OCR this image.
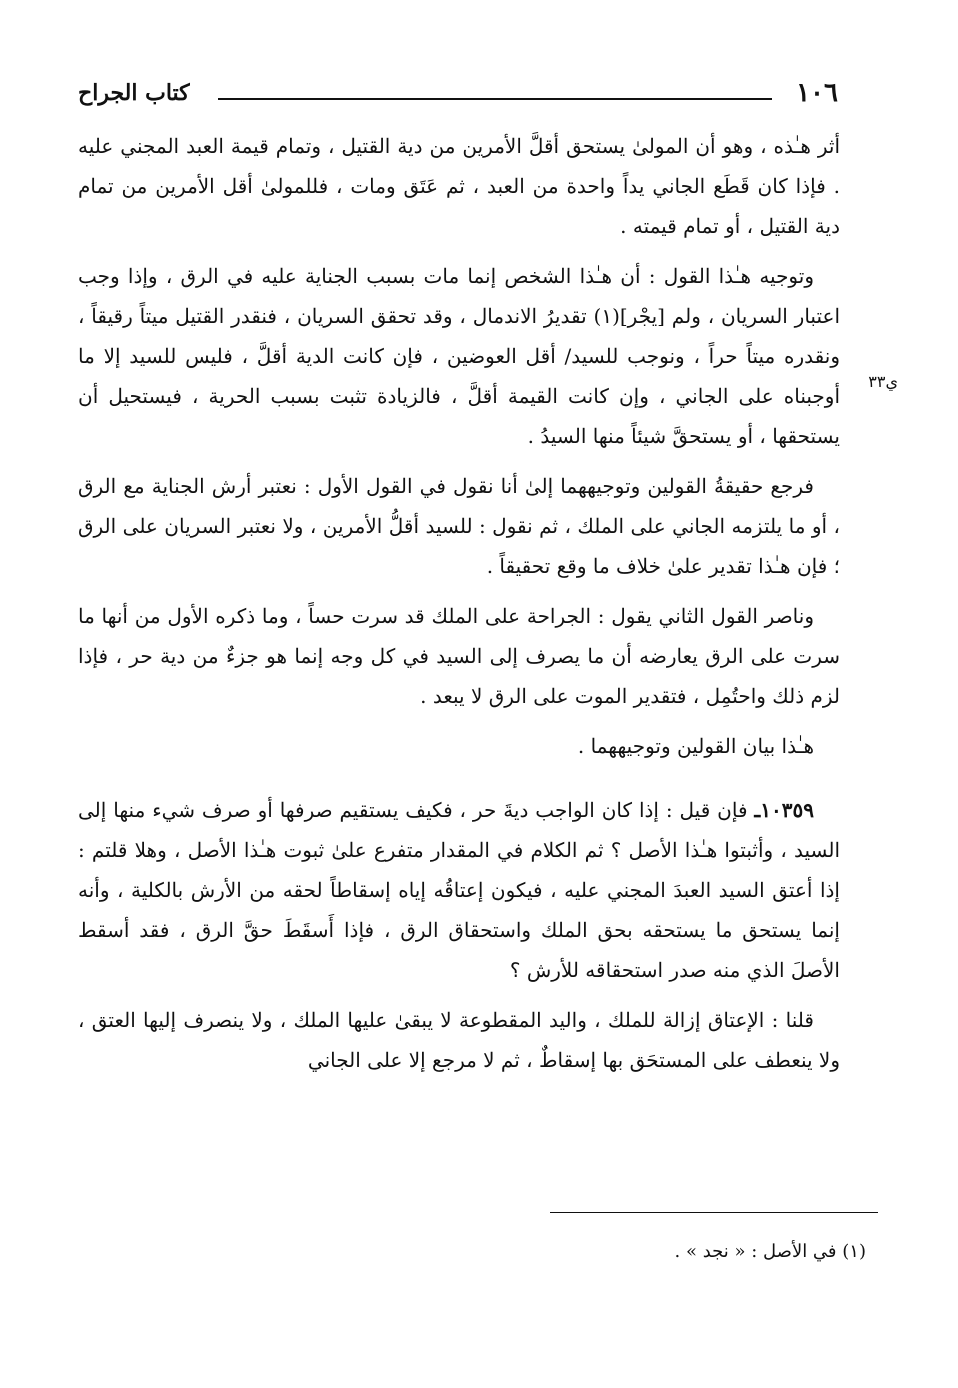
١٠٦
كتاب الجراح
ي٣٣

أثر هـٰذه ، وهو أن المولىٰ يستحق أقلَّ الأمرين من دية القتيل ، وتمام قيمة العبد المجني عليه . فإذا كان قَطَع الجاني يداً واحدة من العبد ، ثم عَتَق ومات ، فللمولىٰ أقل الأمرين من تمام دية القتيل ، أو تمام قيمته .

وتوجيه هـٰذا القول : أن هـٰذا الشخص إنما مات بسبب الجناية عليه في الرق ، وإذا وجب اعتبار السريان ، ولم [يجْر](١) تقديرُ الاندمال ، وقد تحقق السريان ، فنقدر القتيل ميتاً رقيقاً ، ونقدره ميتاً حراً ، ونوجب للسيد/ أقل العوضين ، فإن كانت الدية أقلَّ ، فليس للسيد إلا ما أوجبناه على الجاني ، وإن كانت القيمة أقلَّ ، فالزيادة تثبت بسبب الحرية ، فيستحيل أن يستحقها ، أو يستحقَّ شيئاً منها السيدُ .

فرجع حقيقةُ القولين وتوجيههما إلىٰ أنا نقول في القول الأول : نعتبر أرش الجناية مع الرق ، أو ما يلتزمه الجاني على الملك ، ثم نقول : للسيد أقلُّ الأمرين ، ولا نعتبر السريان على الرق ؛ فإن هـٰذا تقدير علىٰ خلاف ما وقع تحقيقاً .

وناصر القول الثاني يقول : الجراحة على الملك قد سرت حساً ، وما ذكره الأول من أنها ما سرت على الرق يعارضه أن ما يصرف إلى السيد في كل وجه إنما هو جزءٌ من دية حر ، فإذا لزم ذلك واحتُمِل ، فتقدير الموت على الرق لا يبعد .

هـٰذا بيان القولين وتوجيههما .

١٠٣٥٩ـ فإن قيل : إذا كان الواجب ديةَ حر ، فكيف يستقيم صرفها أو صرف شيء منها إلى السيد ، وأثبتوا هـٰذا الأصل ؟ ثم الكلام في المقدار متفرع علىٰ ثبوت هـٰذا الأصل ، وهلا قلتم : إذا أعتق السيد العبدَ المجني عليه ، فيكون إعتاقُه إياه إسقاطاً لحقه من الأرش بالكلية ، وأنه إنما يستحق ما يستحقه بحق الملك واستحقاق الرق ، فإذا أَسقَطَ حقَّ الرق ، فقد أسقط الأصلَ الذي منه صدر استحقاقه للأرش ؟

قلنا : الإعتاق إزالة للملك ، واليد المقطوعة لا يبقىٰ عليها الملك ، ولا ينصرف إليها العتق ، ولا ينعطف على المستحَق بها إسقاطٌ ، ثم لا مرجع إلا على الجاني

(١) في الأصل : « نجد » .
